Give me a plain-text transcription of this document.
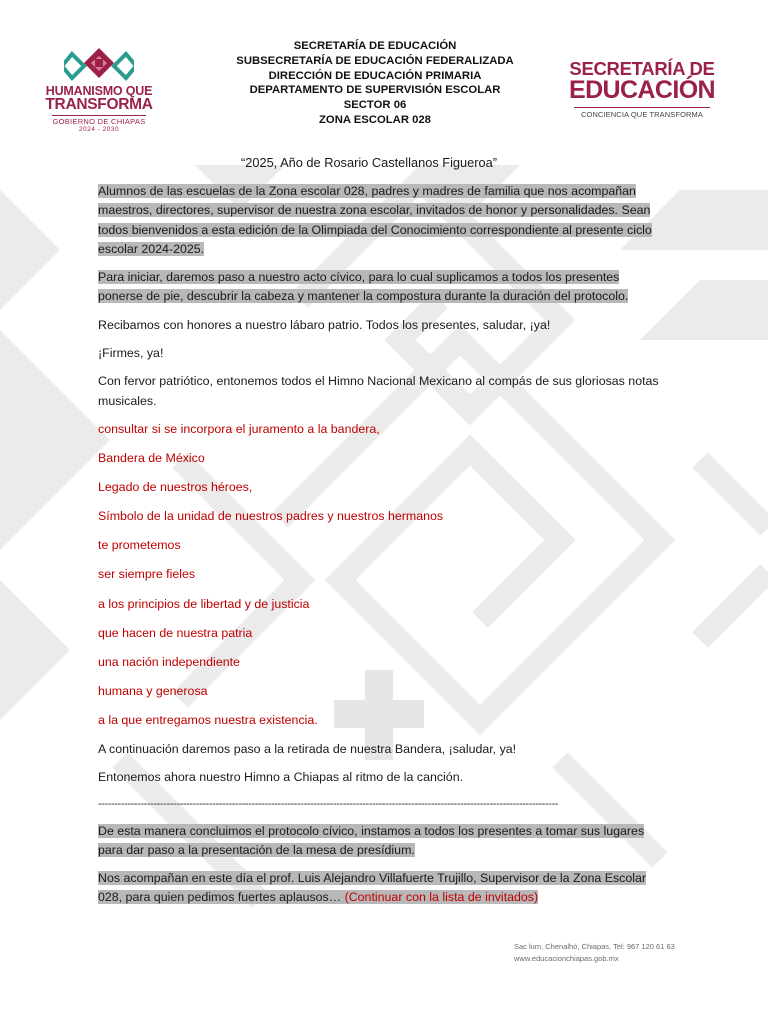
HUMANISMO QUE
TRANSFORMA
GOBIERNO DE CHIAPAS
2024 - 2030
SECRETARÍA DE EDUCACIÓN
SUBSECRETARÍA DE EDUCACIÓN FEDERALIZADA
DIRECCIÓN DE EDUCACIÓN PRIMARIA
DEPARTAMENTO DE SUPERVISIÓN ESCOLAR
SECTOR 06
ZONA ESCOLAR 028
SECRETARÍA DE
EDUCACIÓN
CONCIENCIA QUE TRANSFORMA
“2025, Año de Rosario Castellanos Figueroa”

Alumnos de las escuelas de la Zona escolar 028, padres y madres de familia que nos acompañan maestros, directores, supervisor de nuestra zona escolar, invitados de honor y personalidades. Sean todos bienvenidos a esta edición de la Olimpiada del Conocimiento correspondiente al presente ciclo escolar 2024-2025.

Para iniciar, daremos paso a nuestro acto cívico, para lo cual suplicamos a todos los presentes ponerse de pie, descubrir la cabeza y mantener la compostura durante la duración del protocolo.

Recibamos con honores a nuestro lábaro patrio. Todos los presentes, saludar, ¡ya!

¡Firmes, ya!

Con fervor patriótico, entonemos todos el Himno Nacional Mexicano al compás de sus gloriosas notas musicales.

consultar si se incorpora el juramento a la bandera,

Bandera de México

Legado de nuestros héroes,

Símbolo de la unidad de nuestros padres y nuestros hermanos

te prometemos

ser siempre fieles

a los principios de libertad y de justicia

que hacen de nuestra patria

una nación independiente

humana y generosa

a la que entregamos nuestra existencia.

A continuación daremos paso a la retirada de nuestra Bandera, ¡saludar, ya!

Entonemos ahora nuestro Himno a Chiapas al ritmo de la canción.

---------------------------------------------------------------------------------------------------------------------------------------------

De esta manera concluimos el protocolo cívico, instamos a todos los presentes a tomar sus lugares para dar paso a la presentación de la mesa de presídium.

Nos acompañan en este día el prof. Luis Alejandro Villafuerte Trujillo, Supervisor de la Zona Escolar 028, para quien pedimos fuertes aplausos… (Continuar con la lista de invitados)

Sac lum, Chenalhó, Chiapas. Tel: 967 120 61 63
www.educacionchiapas.gob.mx
